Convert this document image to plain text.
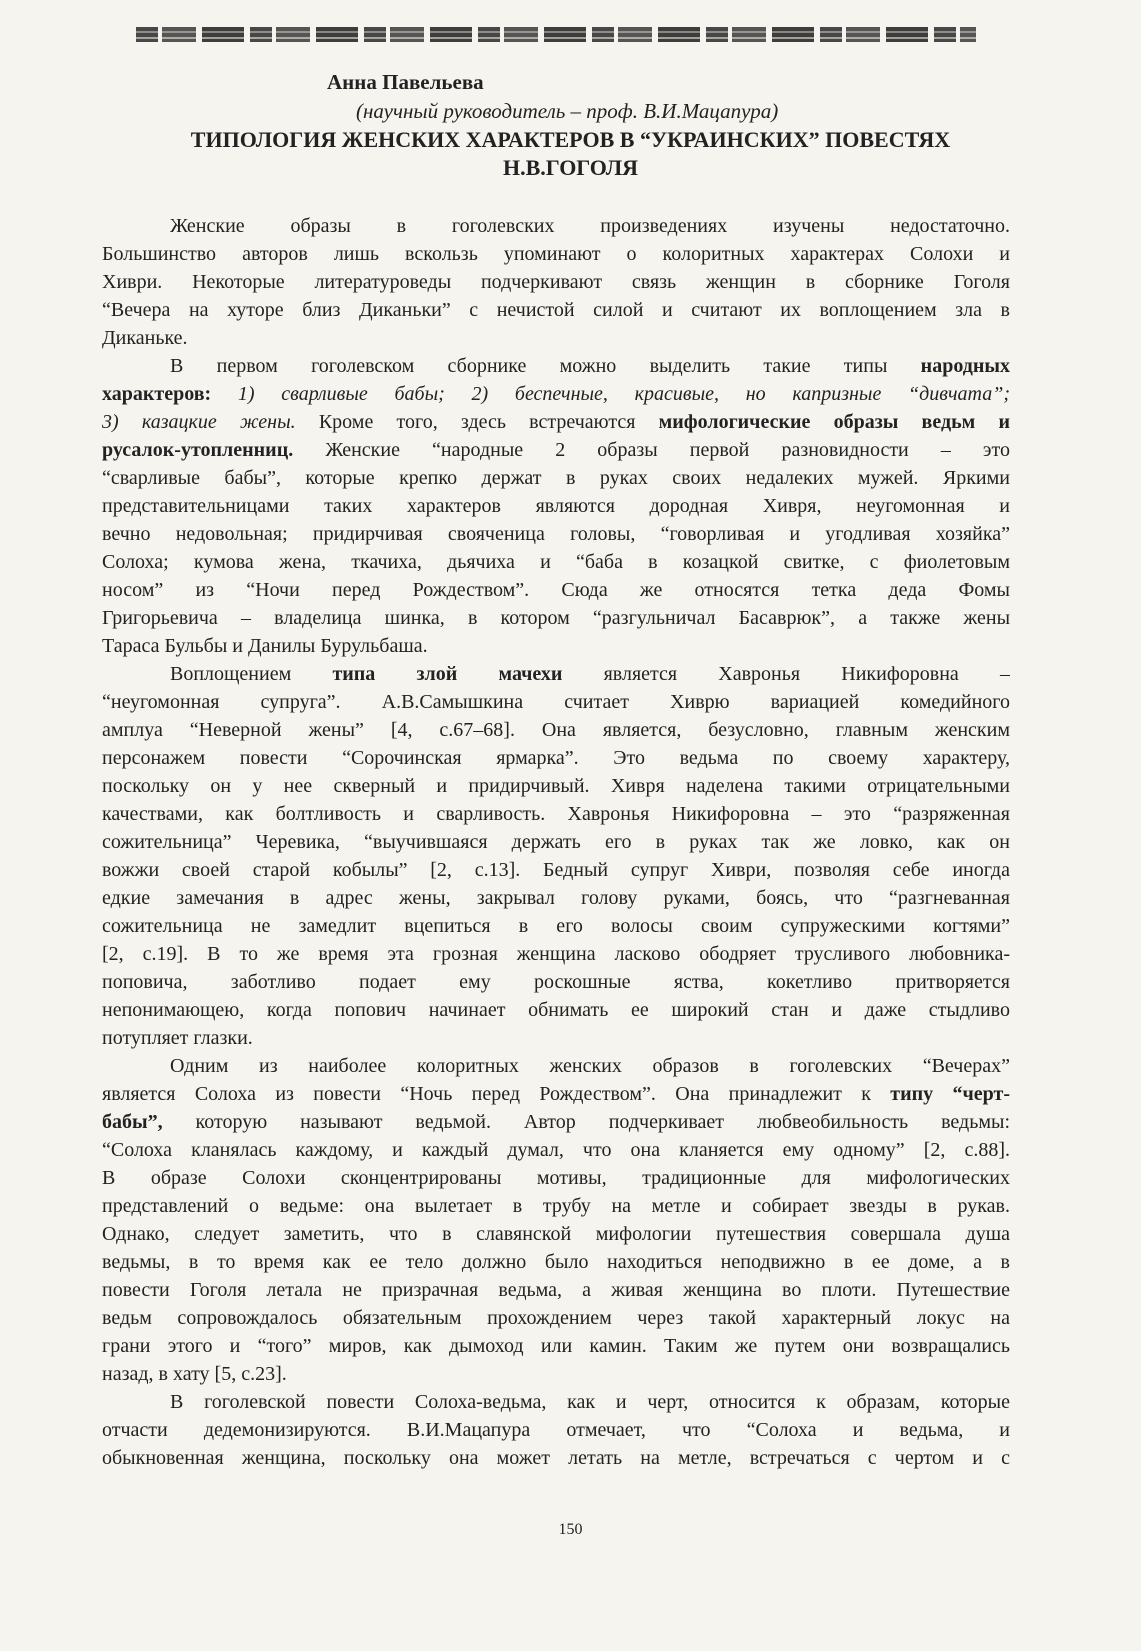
Анна Павельева
(научный руководитель – проф. В.И.Мацапура)
ТИПОЛОГИЯ ЖЕНСКИХ ХАРАКТЕРОВ В “УКРАИНСКИХ” ПОВЕСТЯХ
Н.В.ГОГОЛЯ
Женские образы в гоголевских произведениях изучены недостаточно.
Большинство авторов лишь вскользь упоминают о колоритных характерах Солохи и
Хиври. Некоторые литературоведы подчеркивают связь женщин в сборнике Гоголя
“Вечера на хуторе близ Диканьки” с нечистой силой и считают их воплощением зла в
Диканьке.
В первом гоголевском сборнике можно выделить такие типы народных
характеров: 1) сварливые бабы; 2) беспечные, красивые, но капризные “дивчата”;
3) казацкие жены. Кроме того, здесь встречаются мифологические образы ведьм и
русалок-утопленниц. Женские “народные 2 образы первой разновидности – это
“сварливые бабы”, которые крепко держат в руках своих недалеких мужей. Яркими
представительницами таких характеров являются дородная Хивря, неугомонная и
вечно недовольная; придирчивая свояченица головы, “говорливая и угодливая хозяйка”
Солоха; кумова жена, ткачиха, дьячиха и “баба в козацкой свитке, с фиолетовым
носом” из “Ночи перед Рождеством”. Сюда же относятся тетка деда Фомы
Григорьевича – владелица шинка, в котором “разгульничал Басаврюк”, а также жены
Тараса Бульбы и Данилы Бурульбаша.
Воплощением типа злой мачехи является Хавронья Никифоровна –
“неугомонная супруга”. А.В.Самышкина считает Хиврю вариацией комедийного
амплуа “Неверной жены” [4, с.67–68]. Она является, безусловно, главным женским
персонажем повести “Сорочинская ярмарка”. Это ведьма по своему характеру,
поскольку он у нее скверный и придирчивый. Хивря наделена такими отрицательными
качествами, как болтливость и сварливость. Хавронья Никифоровна – это “разряженная
сожительница” Черевика, “выучившаяся держать его в руках так же ловко, как он
вожжи своей старой кобылы” [2, с.13]. Бедный супруг Хиври, позволяя себе иногда
едкие замечания в адрес жены, закрывал голову руками, боясь, что “разгневанная
сожительница не замедлит вцепиться в его волосы своим супружескими когтями”
[2, с.19]. В то же время эта грозная женщина ласково ободряет трусливого любовника-
поповича, заботливо подает ему роскошные яства, кокетливо притворяется
непонимающею, когда попович начинает обнимать ее широкий стан и даже стыдливо
потупляет глазки.
Одним из наиболее колоритных женских образов в гоголевских “Вечерах”
является Солоха из повести “Ночь перед Рождеством”. Она принадлежит к типу “черт-
бабы”, которую называют ведьмой. Автор подчеркивает любвеобильность ведьмы:
“Солоха кланялась каждому, и каждый думал, что она кланяется ему одному” [2, с.88].
В образе Солохи сконцентрированы мотивы, традиционные для мифологических
представлений о ведьме: она вылетает в трубу на метле и собирает звезды в рукав.
Однако, следует заметить, что в славянской мифологии путешествия совершала душа
ведьмы, в то время как ее тело должно было находиться неподвижно в ее доме, а в
повести Гоголя летала не призрачная ведьма, а живая женщина во плоти. Путешествие
ведьм сопровождалось обязательным прохождением через такой характерный локус на
грани этого и “того” миров, как дымоход или камин. Таким же путем они возвращались
назад, в хату [5, с.23].
В гоголевской повести Солоха-ведьма, как и черт, относится к образам, которые
отчасти дедемонизируются. В.И.Мацапура отмечает, что “Солоха и ведьма, и
обыкновенная женщина, поскольку она может летать на метле, встречаться с чертом и с
150
